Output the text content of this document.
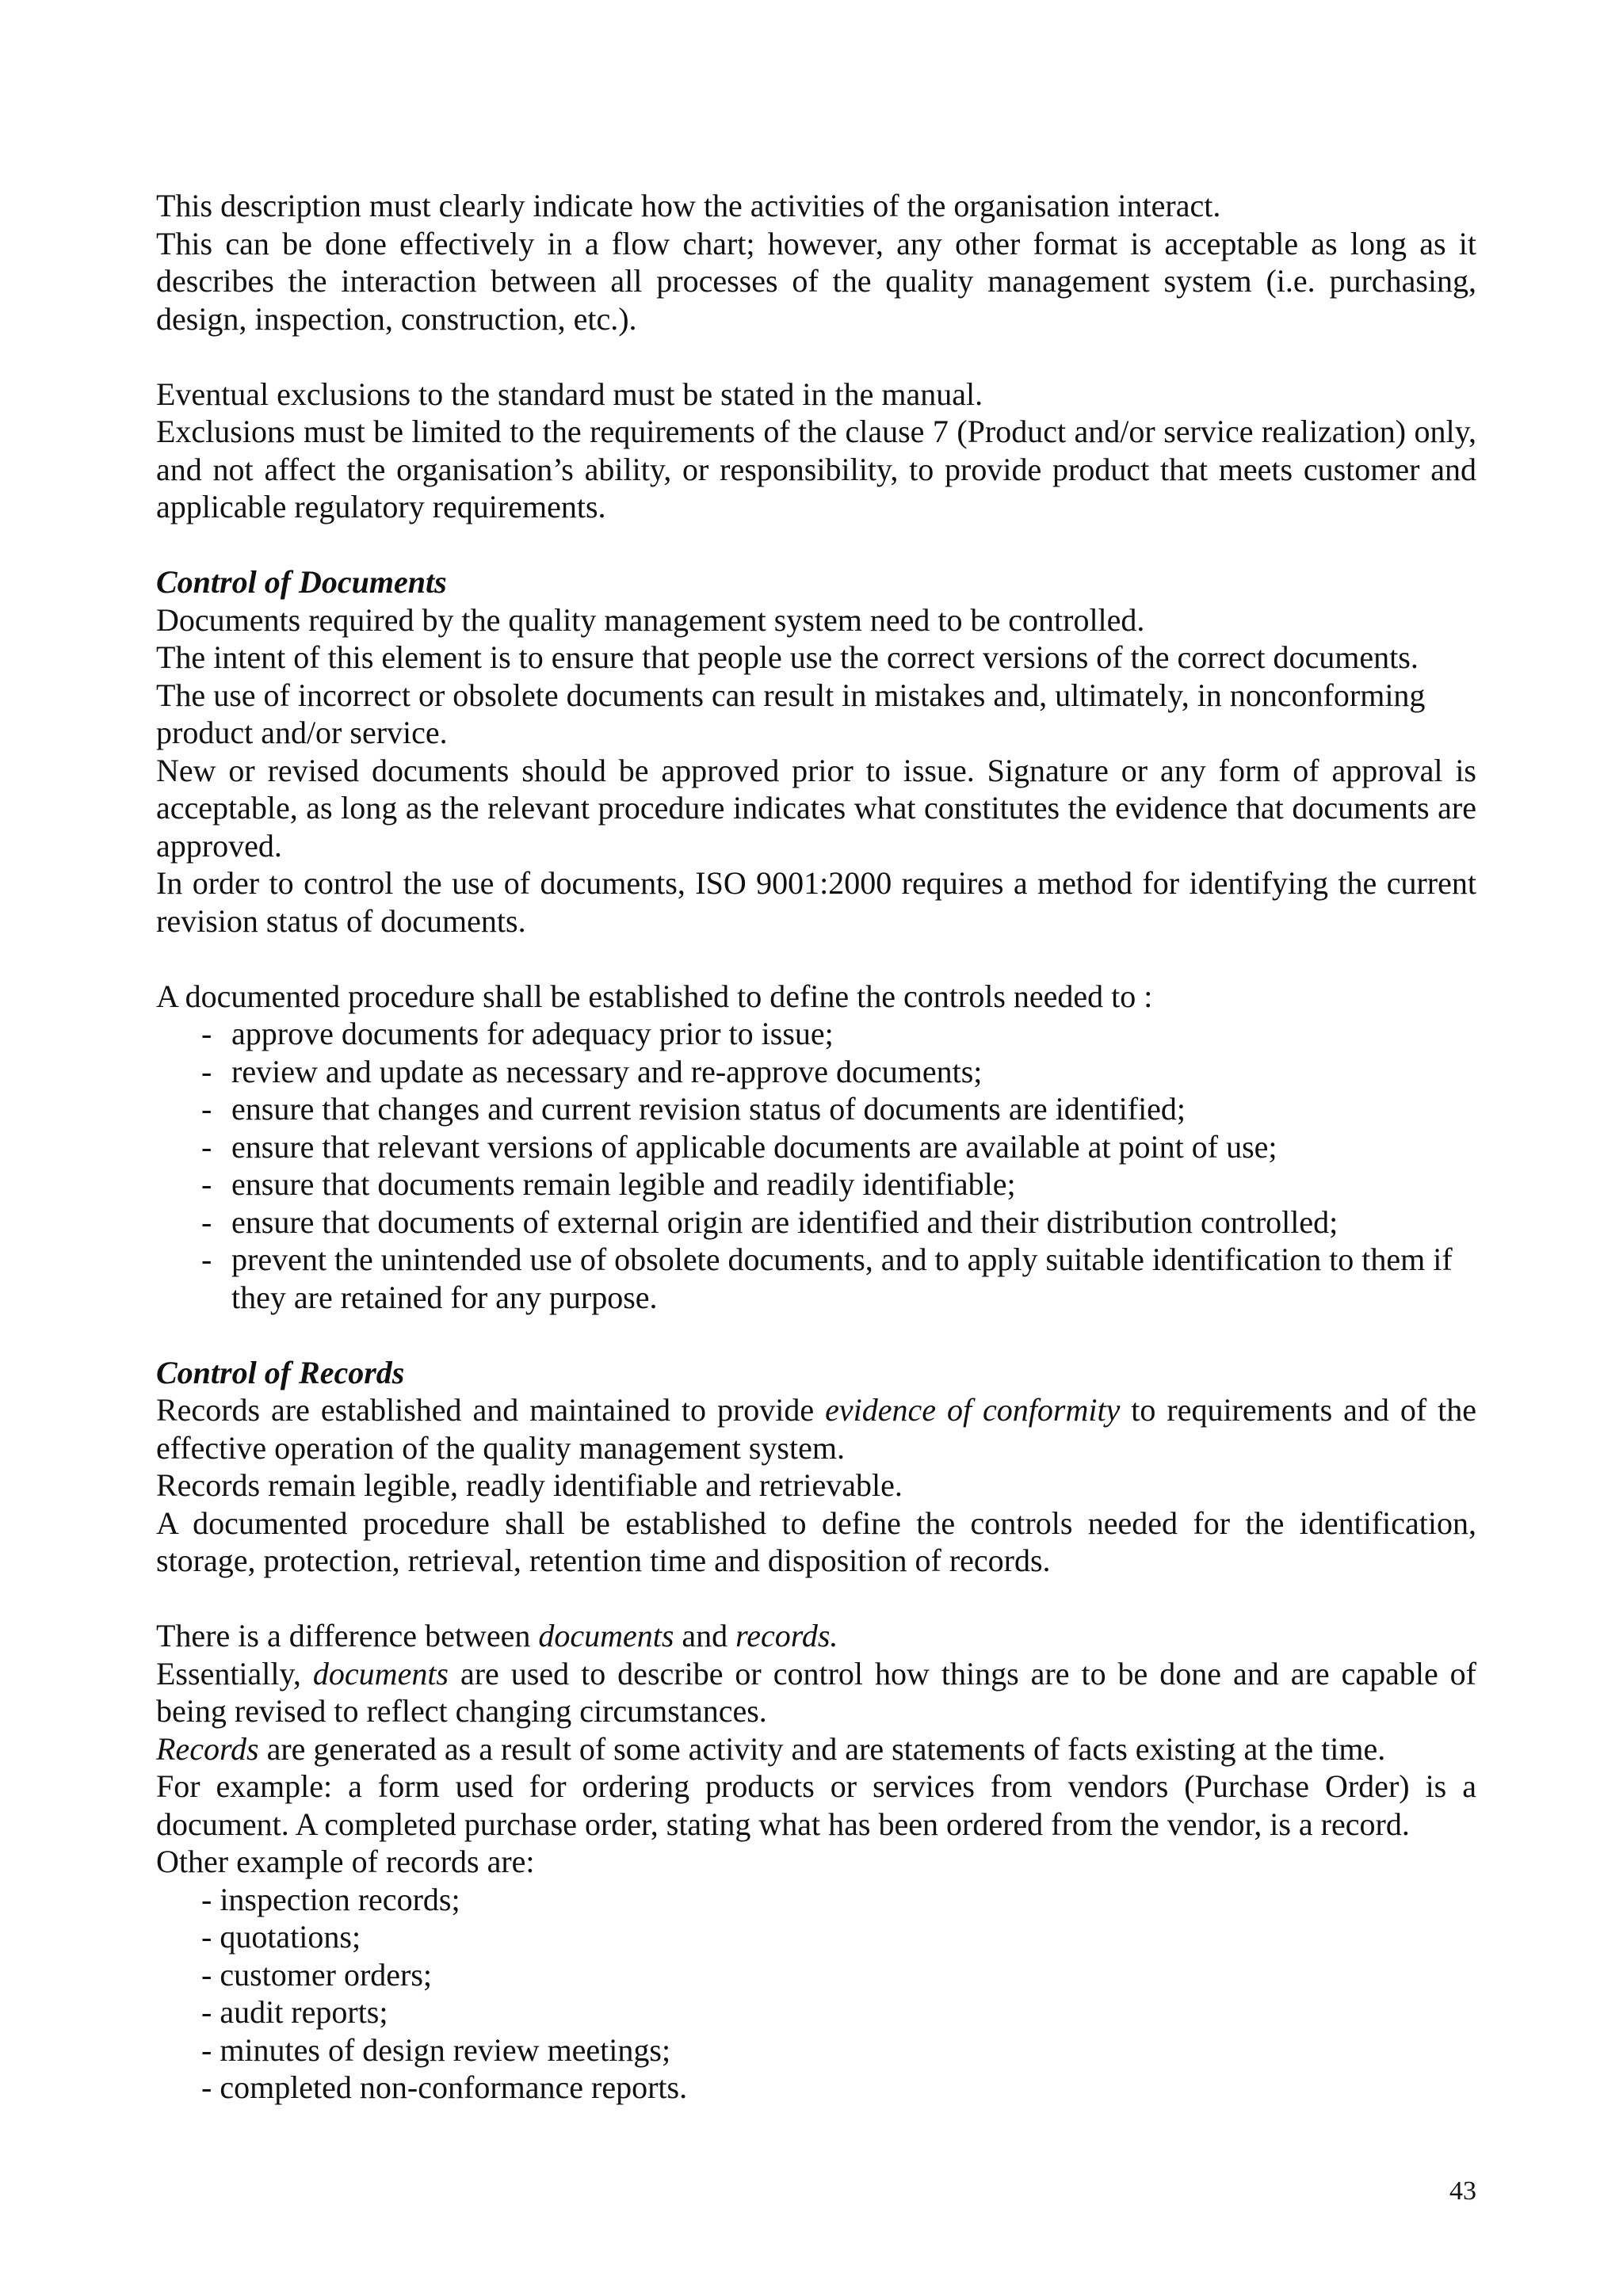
This description must clearly indicate how the activities of the organisation interact.

This can be done effectively in a flow chart; however, any other format is acceptable as long as it describes the interaction between all processes of the quality management system (i.e. purchasing, design, inspection, construction, etc.).

Eventual exclusions to the standard must be stated in the manual.

Exclusions must be limited to the requirements of the clause 7 (Product and/or service realization) only, and not affect the organisation’s ability, or responsibility, to provide product that meets customer and applicable regulatory requirements.

Control of Documents

Documents required by the quality management system need to be controlled.

The intent of this element is to ensure that people use the correct versions of the correct documents.

The use of incorrect or obsolete documents can result in mistakes and, ultimately, in nonconforming product and/or service.

New or revised documents should be approved prior to issue. Signature or any form of approval is acceptable, as long as the relevant procedure indicates what constitutes the evidence that documents are approved.

In order to control the use of documents, ISO 9001:2000 requires a method for identifying the current revision status of documents.

A documented procedure shall be established to define the controls needed to :

- approve documents for adequacy prior to issue;
- review and update as necessary and re-approve documents;
- ensure that changes and current revision status of documents are identified;
- ensure that relevant versions of applicable documents are available at point of use;
- ensure that documents remain legible and readily identifiable;
- ensure that documents of external origin are identified and their distribution controlled;
- prevent the unintended use of obsolete documents, and to apply suitable identification to them if they are retained for any purpose.

Control of Records

Records are established and maintained to provide evidence of conformity to requirements and of the effective operation of the quality management system.

Records remain legible, readly identifiable and retrievable.

A documented procedure shall be established to define the controls needed for the identification, storage, protection, retrieval, retention time and disposition of records.

There is a difference between documents and records.

Essentially, documents are used to describe or control how things are to be done and are capable of being revised to reflect changing circumstances.

Records are generated as a result of some activity and are statements of facts existing at the time.

For example: a form used for ordering products or services from vendors (Purchase Order) is a document. A completed purchase order, stating what has been ordered from the vendor, is a record.

Other example of records are:

- inspection records;
- quotations;
- customer orders;
- audit reports;
- minutes of design review meetings;
- completed non-conformance reports.
43
